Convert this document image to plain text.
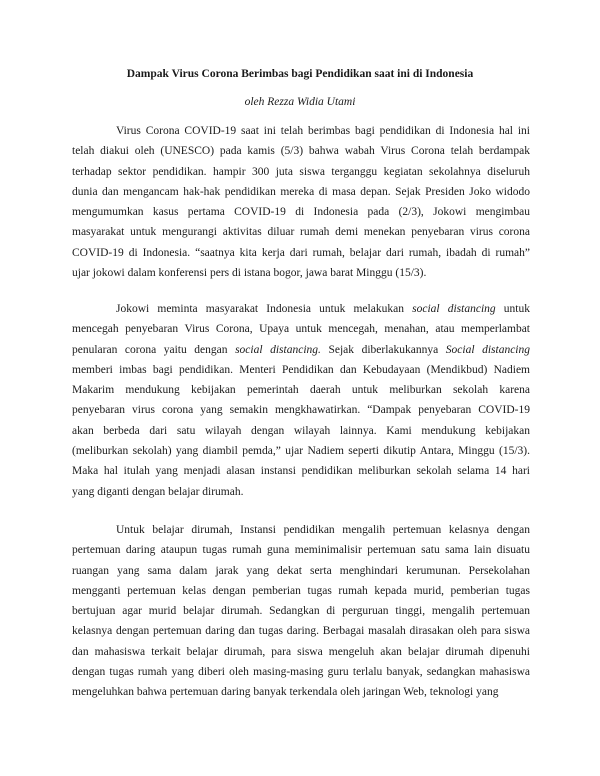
Dampak Virus Corona Berimbas bagi Pendidikan saat ini di Indonesia
oleh Rezza Widia Utami
Virus Corona COVID-19 saat ini telah berimbas bagi pendidikan di Indonesia hal ini
telah diakui oleh (UNESCO) pada kamis (5/3) bahwa wabah Virus Corona telah berdampak
terhadap sektor pendidikan. hampir 300 juta siswa terganggu kegiatan sekolahnya diseluruh
dunia dan mengancam hak-hak pendidikan mereka di masa depan. Sejak Presiden Joko widodo
mengumumkan kasus pertama COVID-19 di Indonesia pada (2/3), Jokowi mengimbau
masyarakat untuk mengurangi aktivitas diluar rumah demi menekan penyebaran virus corona
COVID-19 di Indonesia. “saatnya kita kerja dari rumah, belajar dari rumah, ibadah di rumah”
ujar jokowi dalam konferensi pers di istana bogor, jawa barat Minggu (15/3).
Jokowi meminta masyarakat Indonesia untuk melakukan social distancing untuk
mencegah penyebaran Virus Corona, Upaya untuk mencegah, menahan, atau memperlambat
penularan corona yaitu dengan social distancing. Sejak diberlakukannya Social distancing
memberi imbas bagi pendidikan. Menteri Pendidikan dan Kebudayaan (Mendikbud) Nadiem
Makarim mendukung kebijakan pemerintah daerah untuk meliburkan sekolah karena
penyebaran virus corona yang semakin mengkhawatirkan. “Dampak penyebaran COVID-19
akan berbeda dari satu wilayah dengan wilayah lainnya. Kami mendukung kebijakan
(meliburkan sekolah) yang diambil pemda,” ujar Nadiem seperti dikutip Antara, Minggu (15/3).
Maka hal itulah yang menjadi alasan instansi pendidikan meliburkan sekolah selama 14 hari
yang diganti dengan belajar dirumah.
Untuk belajar dirumah, Instansi pendidikan mengalih pertemuan kelasnya dengan
pertemuan daring ataupun tugas rumah guna meminimalisir pertemuan satu sama lain disuatu
ruangan yang sama dalam jarak yang dekat serta menghindari kerumunan. Persekolahan
mengganti pertemuan kelas dengan pemberian tugas rumah kepada murid, pemberian tugas
bertujuan agar murid belajar dirumah. Sedangkan di perguruan tinggi, mengalih pertemuan
kelasnya dengan pertemuan daring dan tugas daring. Berbagai masalah dirasakan oleh para siswa
dan mahasiswa terkait belajar dirumah, para siswa mengeluh akan belajar dirumah dipenuhi
dengan tugas rumah yang diberi oleh masing-masing guru terlalu banyak, sedangkan mahasiswa
mengeluhkan bahwa pertemuan daring banyak terkendala oleh jaringan Web, teknologi yang
